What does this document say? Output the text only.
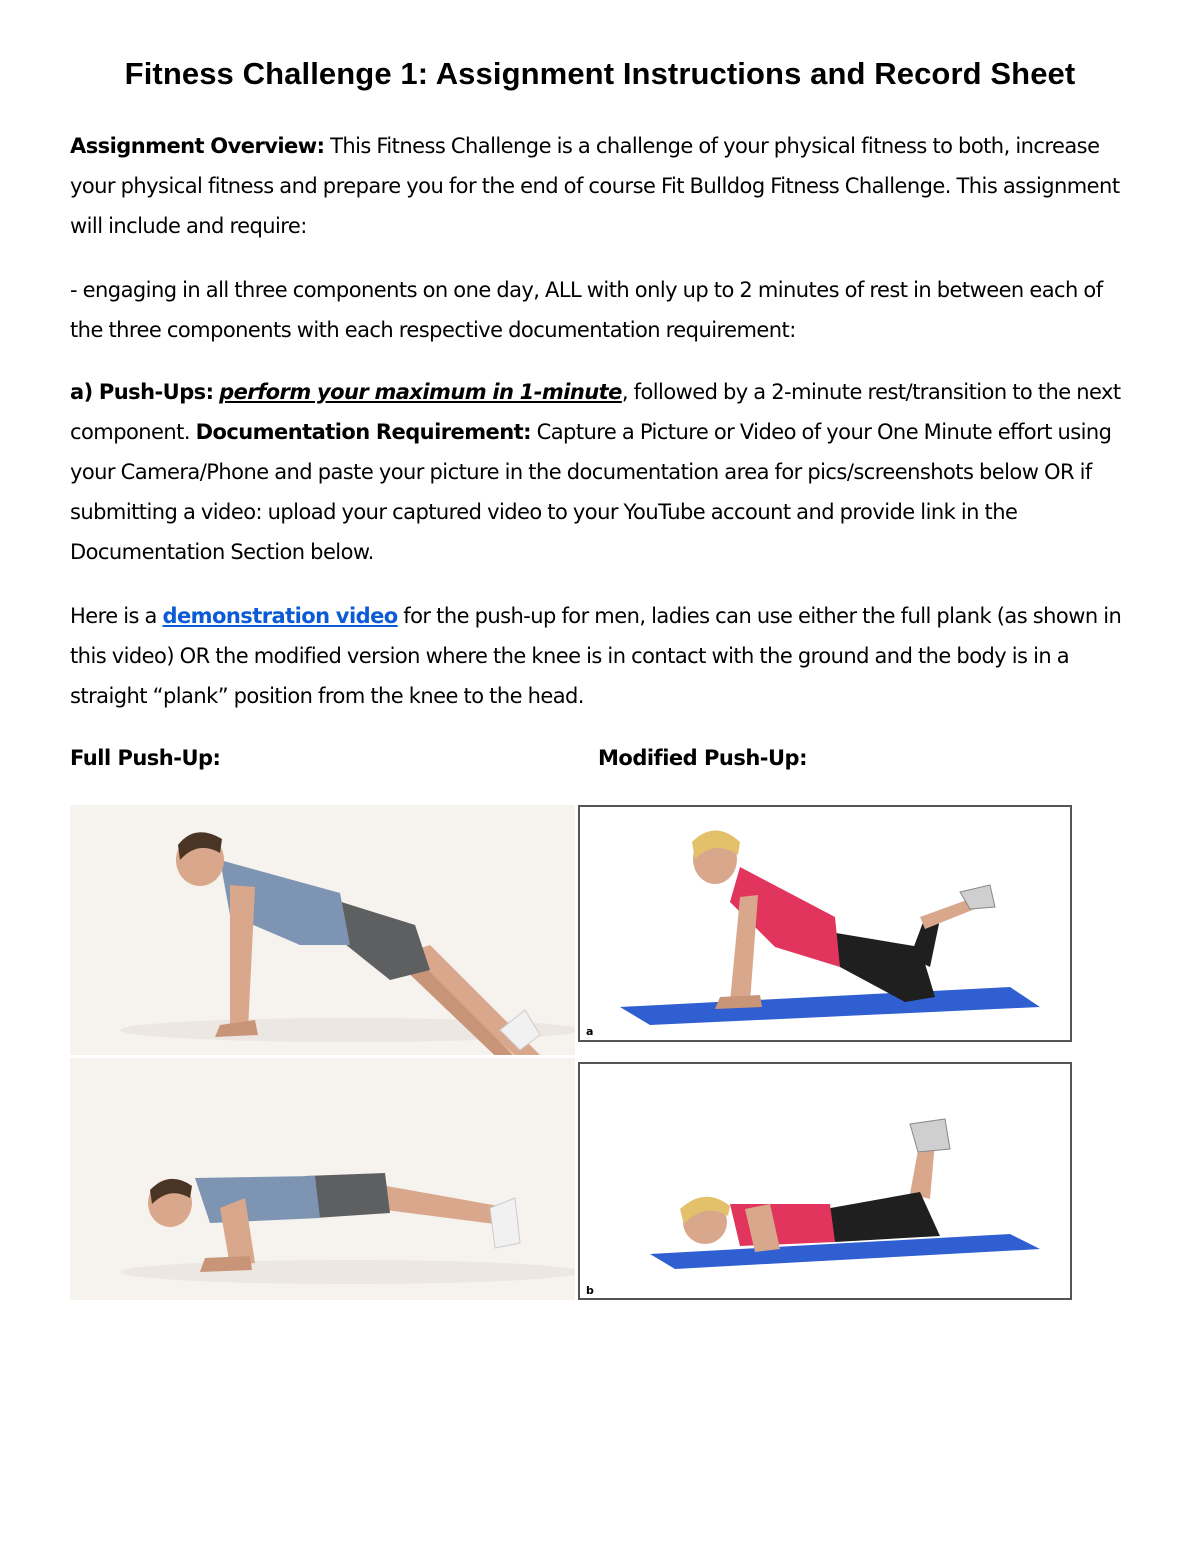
Fitness Challenge 1: Assignment Instructions and Record Sheet

Assignment Overview: This Fitness Challenge is a challenge of your physical fitness to both, increase your physical fitness and prepare you for the end of course Fit Bulldog Fitness Challenge. This assignment will include and require:

- engaging in all three components on one day, ALL with only up to 2 minutes of rest in between each of the three components with each respective documentation requirement:

a) Push-Ups: perform your maximum in 1-minute, followed by a 2-minute rest/transition to the next component. Documentation Requirement: Capture a Picture or Video of your One Minute effort using your Camera/Phone and paste your picture in the documentation area for pics/screenshots below OR if submitting a video: upload your captured video to your YouTube account and provide link in the Documentation Section below.

Here is a demonstration video for the push-up for men, ladies can use either the full plank (as shown in this video) OR the modified version where the knee is in contact with the ground and the body is in a straight “plank” position from the knee to the head.

Full Push-Up:	Modified Push-Up:
a
b
